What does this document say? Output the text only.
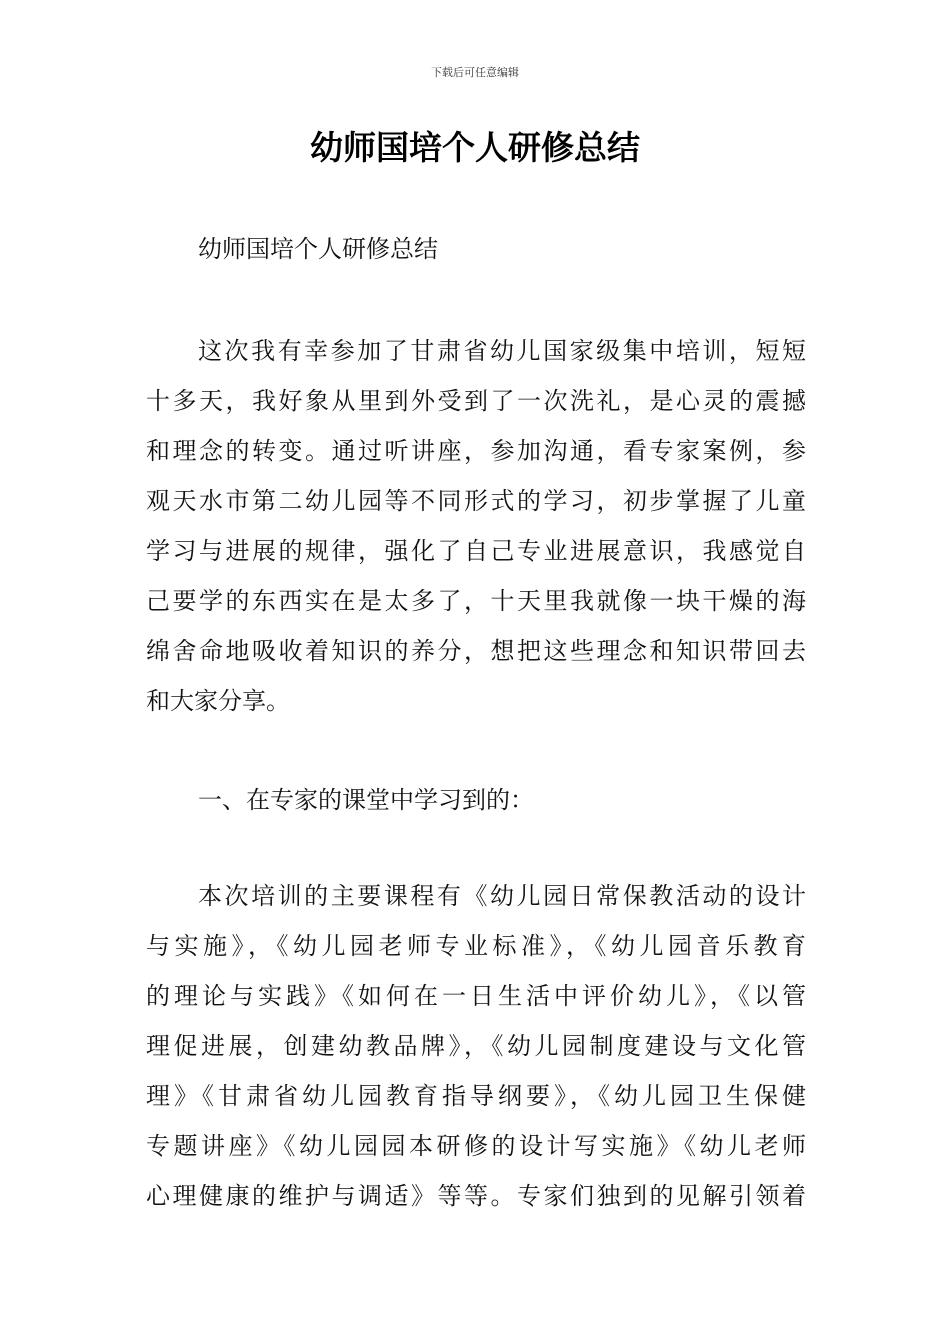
下载后可任意编辑
幼师国培个人研修总结
幼师国培个人研修总结
这次我有幸参加了甘肃省幼儿国家级集中培训，短短
十多天，我好象从里到外受到了一次洗礼，是心灵的震撼
和理念的转变。通过听讲座，参加沟通，看专家案例，参
观天水市第二幼儿园等不同形式的学习，初步掌握了儿童
学习与进展的规律，强化了自己专业进展意识，我感觉自
己要学的东西实在是太多了，十天里我就像一块干燥的海
绵舍命地吸收着知识的养分，想把这些理念和知识带回去
和大家分享。
一、在专家的课堂中学习到的：
本次培训的主要课程有《幼儿园日常保教活动的设计
与实施》，《幼儿园老师专业标准》，《幼儿园音乐教育
的理论与实践》《如何在一日生活中评价幼儿》，《以管
理促进展，创建幼教品牌》，《幼儿园制度建设与文化管
理》《甘肃省幼儿园教育指导纲要》，《幼儿园卫生保健
专题讲座》《幼儿园园本研修的设计写实施》《幼儿老师
心理健康的维护与调适》等等。专家们独到的见解引领着
